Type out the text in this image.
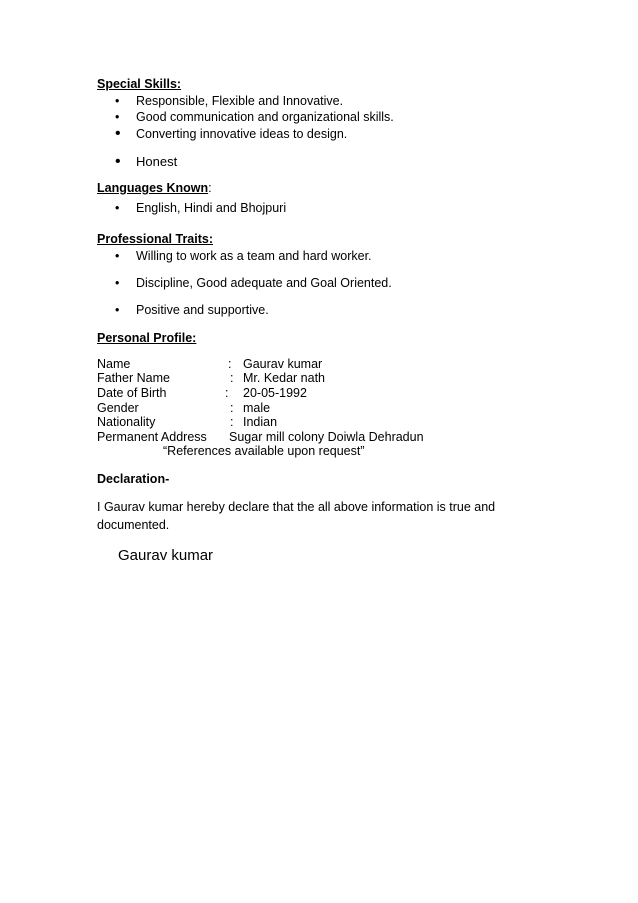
Special Skills:
• Responsible, Flexible and Innovative.
• Good communication and organizational skills.
• Converting innovative ideas to design.
• Honest
Languages Known:
• English, Hindi and Bhojpuri
Professional Traits:
• Willing to work as a team and hard worker.
• Discipline, Good adequate and Goal Oriented.
• Positive and supportive.
Personal Profile:
Name	: Gaurav kumar
Father Name	: Mr. Kedar nath
Date of Birth	: 20-05-1992
Gender	: male
Nationality	: Indian
Permanent Address Sugar mill colony Doiwla Dehradun
“References available upon request”
Declaration-
I Gaurav kumar hereby declare that the all above information is true and
documented.
Gaurav kumar
